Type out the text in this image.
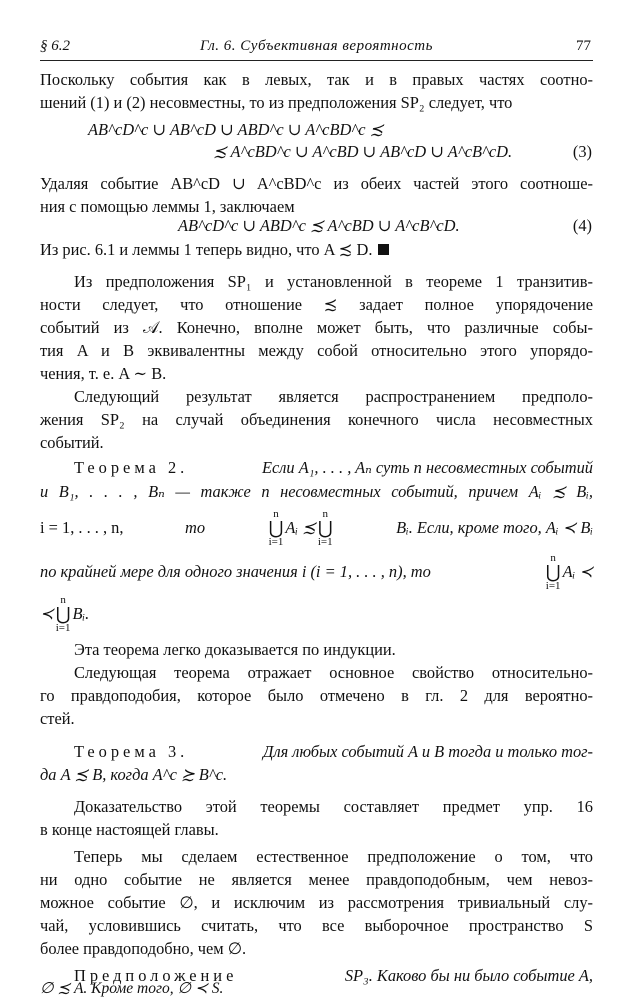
§ 6.2	Гл. 6. Субъективная вероятность	77
Поскольку события как в левых, так и в правых частях соотно-
шений (1) и (2) несовместны, то из предположения SP₂ следует, что
AB^cD^c ∪ AB^cD ∪ ABD^c ∪ A^cBD^c ≾
≾ A^cBD^c ∪ A^cBD ∪ AB^cD ∪ A^cB^cD.	(3)
Удаляя событие AB^cD ∪ A^cBD^c из обеих частей этого соотноше-
ния с помощью леммы 1, заключаем
AB^cD^c ∪ ABD^c ≾ A^cBD ∪ A^cB^cD.	(4)
Из рис. 6.1 и леммы 1 теперь видно, что A ≾ D.
Из предположения SP₁ и установленной в теореме 1 транзитив-
ности следует, что отношение ≾ задает полное упорядочение
событий из 𝒜. Конечно, вполне может быть, что различные собы-
тия A и B эквивалентны между собой относительно этого упорядо-
чения, т. е. A ∼ B.
Следующий результат является распространением предполо-
жения SP₂ на случай объединения конечного числа несовместных
событий.
Теорема 2.	Если A₁, . . . , Aₙ суть n несовместных событий
и B₁, . . . , Bₙ — также n несовместных событий, причем Aᵢ ≾ Bᵢ,
i = 1, . . . , n,	то
n
⋃
i=1
Aᵢ ≾
n
⋃
i=1
Bᵢ. Если, кроме того, Aᵢ ≺ Bᵢ
по крайней мере для одного значения i (i = 1, . . . , n), то
n
⋃
i=1
Aᵢ ≺
≺
n
⋃
i=1
Bᵢ.
Эта теорема легко доказывается по индукции.
Следующая теорема отражает основное свойство относительно-
го правдоподобия, которое было отмечено в гл. 2 для вероятно-
стей.
Теорема 3.	Для любых событий A и B тогда и только тог-
да A ≾ B, когда A^c ≿ B^c.
Доказательство этой теоремы составляет предмет упр. 16
в конце настоящей главы.
Теперь мы сделаем естественное предположение о том, что
ни одно событие не является менее правдоподобным, чем невоз-
можное событие ∅, и исключим из рассмотрения тривиальный слу-
чай, условившись считать, что все выборочное пространство S
более правдоподобно, чем ∅.
Предположение	SP₃. Каково бы ни было событие A,
∅ ≾ A. Кроме того, ∅ ≺ S.
